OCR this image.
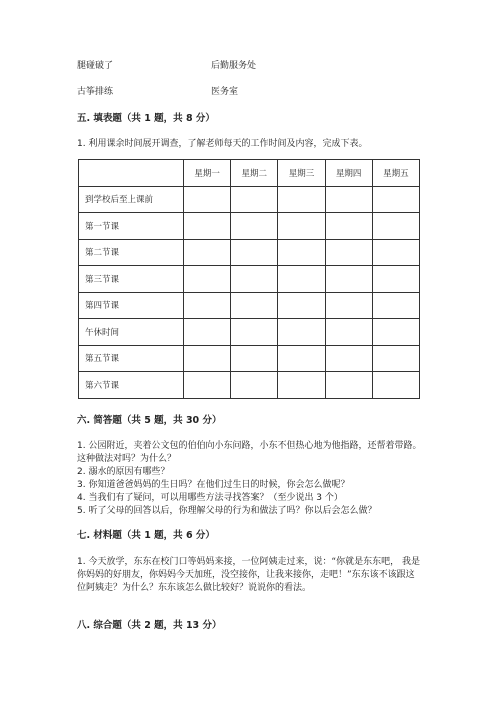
腿碰破了	后勤服务处
古筝排练	医务室
五. 填表题（共 1 题，共 8 分）
1. 利用课余时间展开调查，了解老师每天的工作时间及内容，完成下表。
	星期一	星期二	星期三	星期四	星期五
到学校后至上课前					
第一节课					
第二节课					
第三节课					
第四节课					
午休时间					
第五节课					
第六节课					
六. 简答题（共 5 题，共 30 分）
1. 公园附近，夹着公文包的伯伯向小东问路，小东不但热心地为他指路，还帮着带路。这种做法对吗？为什么？
2. 溺水的原因有哪些？
3. 你知道爸爸妈妈的生日吗？在他们过生日的时候，你会怎么做呢？
4. 当我们有了疑问，可以用哪些方法寻找答案？（至少说出 3 个）
5. 听了父母的回答以后，你理解父母的行为和做法了吗？你以后会怎么做？
七. 材料题（共 1 题，共 6 分）
1. 今天放学，东东在校门口等妈妈来接，一位阿姨走过来，说：“你就是东东吧， 我是你妈妈的好朋友，你妈妈今天加班，没空接你，让我来接你，走吧！”东东该不该跟这位阿姨走？为什么？东东该怎么做比较好？说说你的看法。
八. 综合题（共 2 题，共 13 分）
